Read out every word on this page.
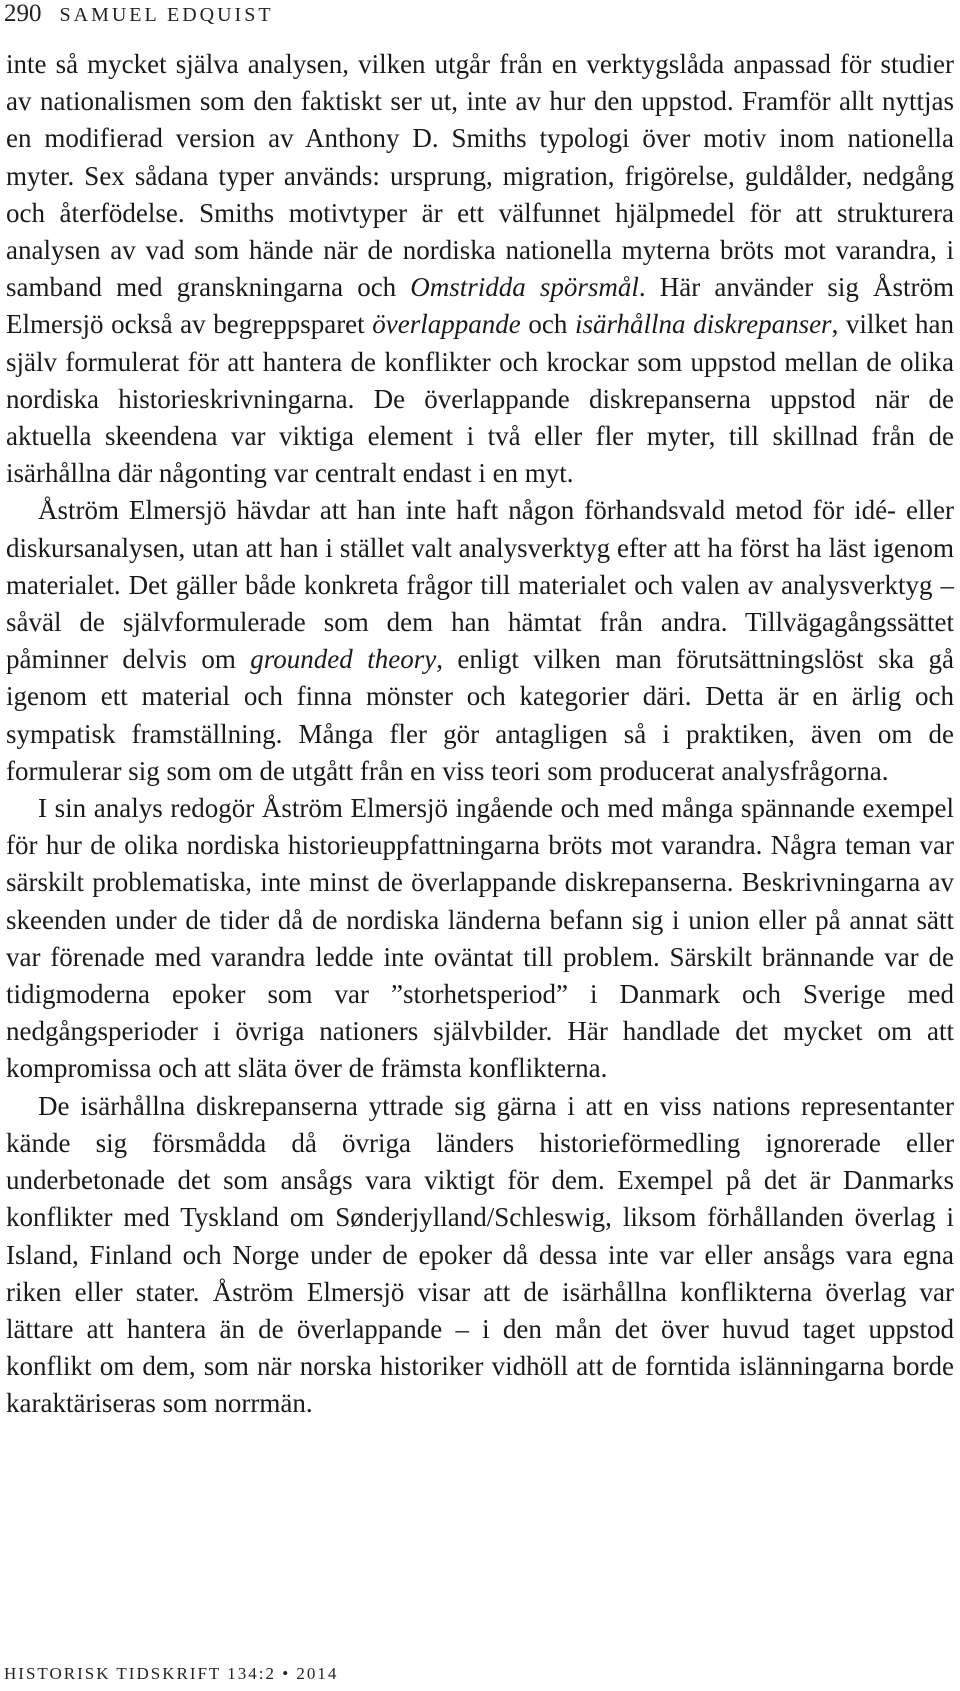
290 SAMUEL EDQUIST

inte så mycket själva analysen, vilken utgår från en verktygslåda anpassad för studier av nationalismen som den faktiskt ser ut, inte av hur den uppstod. Framför allt nyttjas en modifierad version av Anthony D. Smiths typologi över motiv inom nationella myter. Sex sådana typer används: ursprung, migration, frigörelse, guldålder, nedgång och återfödelse. Smiths motivtyper är ett välfunnet hjälpmedel för att strukturera analysen av vad som hände när de nordiska nationella myterna bröts mot varandra, i samband med granskningarna och Omstridda spörsmål. Här använder sig Åström Elmersjö också av begreppsparet överlappande och isärhållna diskrepanser, vilket han själv formulerat för att hantera de konflikter och krockar som uppstod mellan de olika nordiska historieskrivningarna. De överlappande diskrepanserna uppstod när de aktuella skeendena var viktiga element i två eller fler myter, till skillnad från de isärhållna där någonting var centralt endast i en myt.

Åström Elmersjö hävdar att han inte haft någon förhandsvald metod för idé- eller diskursanalysen, utan att han i stället valt analysverktyg efter att ha först ha läst igenom materialet. Det gäller både konkreta frågor till materialet och valen av analysverktyg – såväl de självformulerade som dem han hämtat från andra. Tillvägagångssättet påminner delvis om grounded theory, enligt vilken man förutsättningslöst ska gå igenom ett material och finna mönster och kategorier däri. Detta är en ärlig och sympatisk framställning. Många fler gör antagligen så i praktiken, även om de formulerar sig som om de utgått från en viss teori som producerat analysfrågorna.

I sin analys redogör Åström Elmersjö ingående och med många spännande exempel för hur de olika nordiska historieuppfattningarna bröts mot varandra. Några teman var särskilt problematiska, inte minst de överlappande diskrepanserna. Beskrivningarna av skeenden under de tider då de nordiska länderna befann sig i union eller på annat sätt var förenade med varandra ledde inte oväntat till problem. Särskilt brännande var de tidigmoderna epoker som var ”storhetsperiod” i Danmark och Sverige med nedgångsperioder i övriga nationers självbilder. Här handlade det mycket om att kompromissa och att släta över de främsta konflikterna.

De isärhållna diskrepanserna yttrade sig gärna i att en viss nations representanter kände sig försmådda då övriga länders historieförmedling ignorerade eller underbetonade det som ansågs vara viktigt för dem. Exempel på det är Danmarks konflikter med Tyskland om Sønderjylland/Schleswig, liksom förhållanden överlag i Island, Finland och Norge under de epoker då dessa inte var eller ansågs vara egna riken eller stater. Åström Elmersjö visar att de isärhållna konflikterna överlag var lättare att hantera än de överlappande – i den mån det över huvud taget uppstod konflikt om dem, som när norska historiker vidhöll att de forntida islänningarna borde karaktäriseras som norrmän.

HISTORISK TIDSKRIFT 134:2 • 2014
